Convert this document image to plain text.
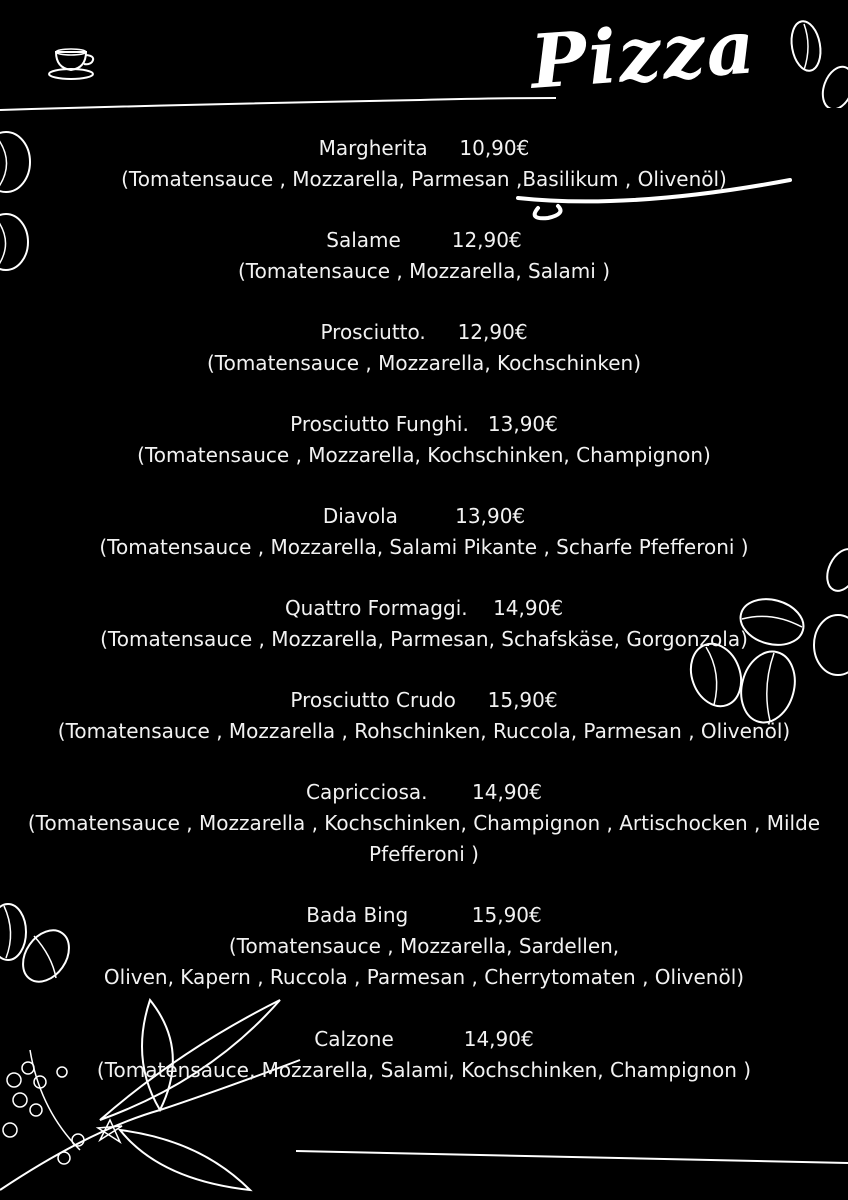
Pizza
Margherita 10,90€
(Tomatensauce , Mozzarella, Parmesan ,Basilikum , Olivenöl)
Salame	12,90€
(Tomatensauce , Mozzarella, Salami )
Prosciutto. 12,90€
(Tomatensauce , Mozzarella, Kochschinken)
Prosciutto Funghi. 13,90€
(Tomatensauce , Mozzarella, Kochschinken, Champignon)
Diavola	13,90€
(Tomatensauce , Mozzarella, Salami Pikante , Scharfe Pfefferoni )
Quattro Formaggi. 14,90€
(Tomatensauce , Mozzarella, Parmesan, Schafskäse, Gorgonzola)
Prosciutto Crudo 15,90€
(Tomatensauce , Mozzarella , Rohschinken, Ruccola, Parmesan , Olivenöl)
Capricciosa. 14,90€
(Tomatensauce , Mozzarella , Kochschinken, Champignon , Artischocken , Milde
Pfefferoni )
Bada Bing	15,90€
(Tomatensauce , Mozzarella, Sardellen,
Oliven, Kapern , Ruccola , Parmesan , Cherrytomaten , Olivenöl)
Calzone	14,90€
(Tomatensauce, Mozzarella, Salami, Kochschinken, Champignon )
